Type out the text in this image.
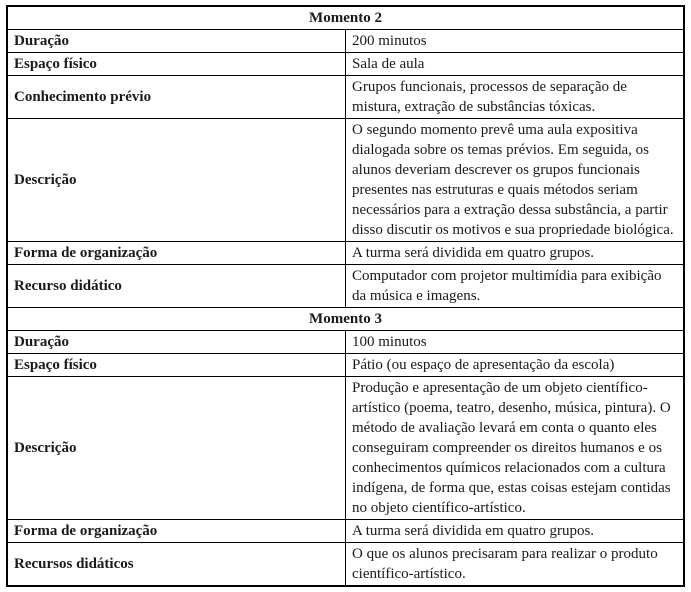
Momento 2	
Duração	200 minutos
Espaço físico	Sala de aula
Conhecimento prévio	Grupos funcionais, processos de separação de mistura, extração de substâncias tóxicas.
Descrição	O segundo momento prevê uma aula expositiva dialogada sobre os temas prévios. Em seguida, os alunos deveriam descrever os grupos funcionais presentes nas estruturas e quais métodos seriam necessários para a extração dessa substância, a partir disso discutir os motivos e sua propriedade biológica.
Forma de organização	A turma será dividida em quatro grupos.
Recurso didático	Computador com projetor multimídia para exibição da música e imagens.
Momento 3	
Duração	100 minutos
Espaço físico	Pátio (ou espaço de apresentação da escola)
Descrição	Produção e apresentação de um objeto científico-artístico (poema, teatro, desenho, música, pintura). O método de avaliação levará em conta o quanto eles conseguiram compreender os direitos humanos e os conhecimentos químicos relacionados com a cultura indígena, de forma que, estas coisas estejam contidas no objeto científico-artístico.
Forma de organização	A turma será dividida em quatro grupos.
Recursos didáticos	O que os alunos precisaram para realizar o produto científico-artístico.
